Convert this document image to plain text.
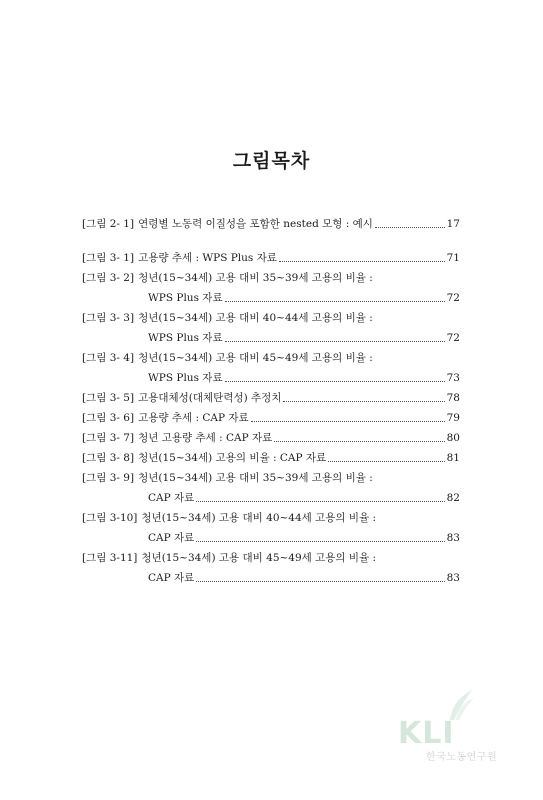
그림목차
[그림 2- 1] 연령별 노동력 이질성을 포함한 nested 모형 : 예시	17
[그림 3- 1] 고용량 추세 : WPS Plus 자료	71
[그림 3- 2] 청년(15~34세) 고용 대비 35~39세 고용의 비율 :
WPS Plus 자료	72
[그림 3- 3] 청년(15~34세) 고용 대비 40~44세 고용의 비율 :
WPS Plus 자료	72
[그림 3- 4] 청년(15~34세) 고용 대비 45~49세 고용의 비율 :
WPS Plus 자료	73
[그림 3- 5] 고용대체성(대체탄력성) 추정치	78
[그림 3- 6] 고용량 추세 : CAP 자료	79
[그림 3- 7] 청년 고용량 추세 : CAP 자료	80
[그림 3- 8] 청년(15~34세) 고용의 비율 : CAP 자료	81
[그림 3- 9] 청년(15~34세) 고용 대비 35~39세 고용의 비율 :
CAP 자료	82
[그림 3-10] 청년(15~34세) 고용 대비 40~44세 고용의 비율 :
CAP 자료	83
[그림 3-11] 청년(15~34세) 고용 대비 45~49세 고용의 비율 :
CAP 자료	83
KLI
한국노동연구원
